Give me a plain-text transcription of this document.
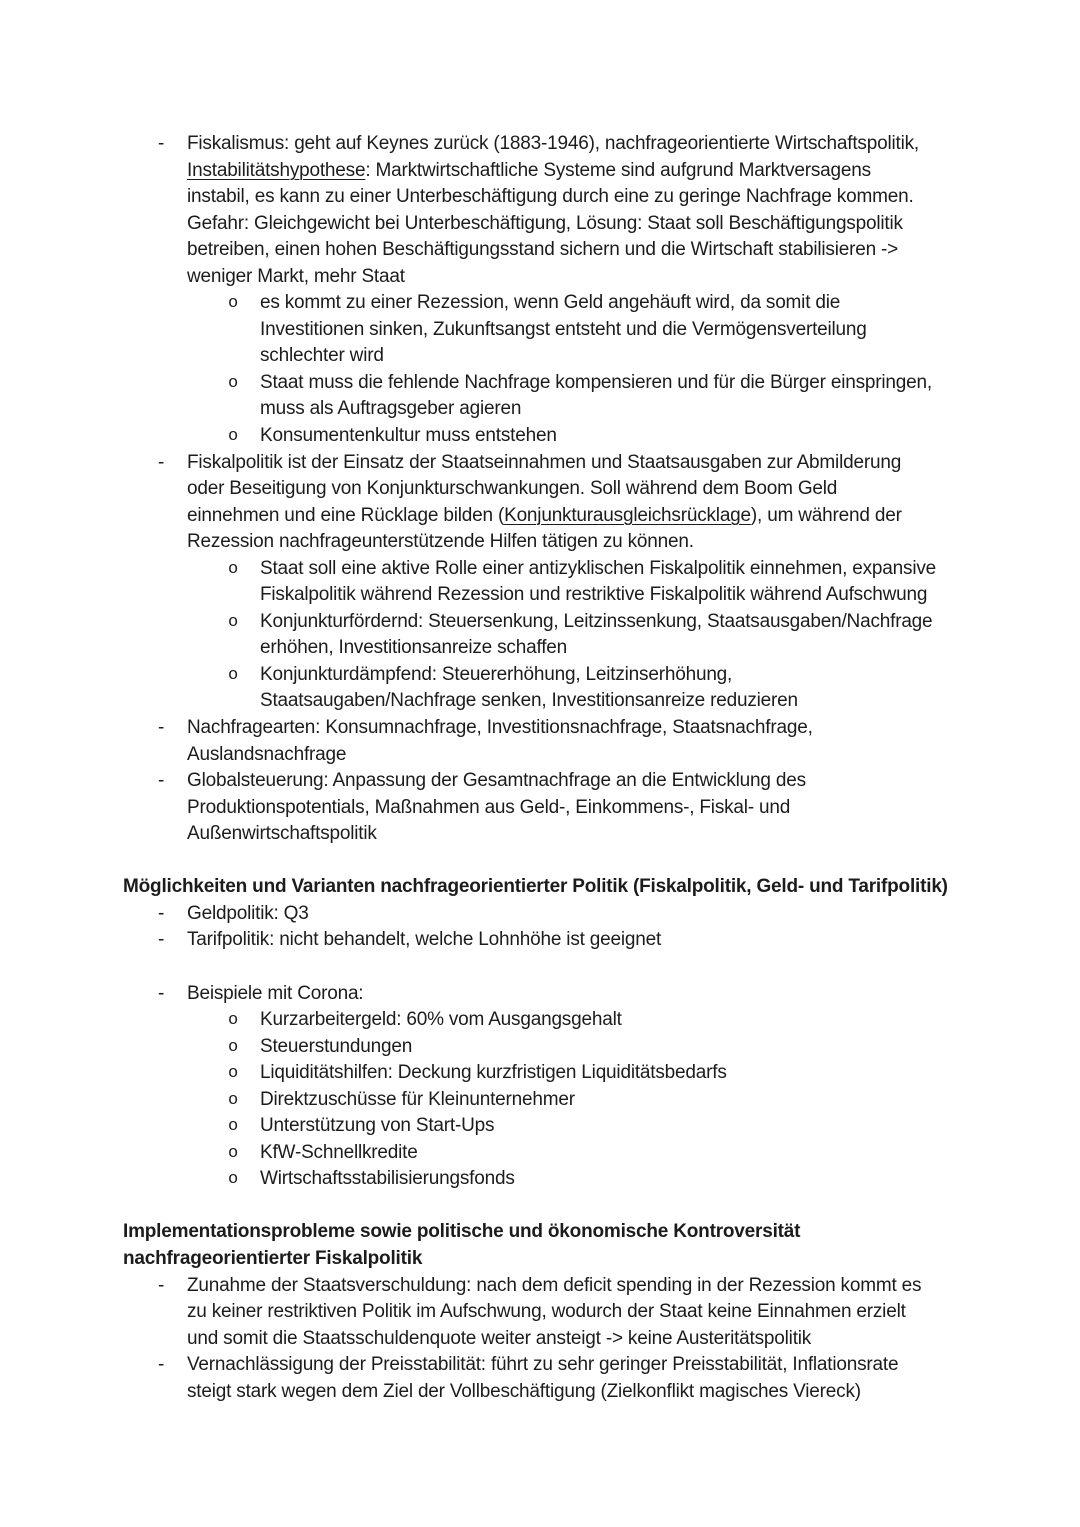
- Fiskalismus: geht auf Keynes zurück (1883-1946), nachfrageorientierte Wirtschaftspolitik,
Instabilitätshypothese: Marktwirtschaftliche Systeme sind aufgrund Marktversagens
instabil, es kann zu einer Unterbeschäftigung durch eine zu geringe Nachfrage kommen.
Gefahr: Gleichgewicht bei Unterbeschäftigung, Lösung: Staat soll Beschäftigungspolitik
betreiben, einen hohen Beschäftigungsstand sichern und die Wirtschaft stabilisieren ->
weniger Markt, mehr Staat
o es kommt zu einer Rezession, wenn Geld angehäuft wird, da somit die
Investitionen sinken, Zukunftsangst entsteht und die Vermögensverteilung
schlechter wird
o Staat muss die fehlende Nachfrage kompensieren und für die Bürger einspringen,
muss als Auftragsgeber agieren
o Konsumentenkultur muss entstehen
- Fiskalpolitik ist der Einsatz der Staatseinnahmen und Staatsausgaben zur Abmilderung
oder Beseitigung von Konjunkturschwankungen. Soll während dem Boom Geld
einnehmen und eine Rücklage bilden (Konjunkturausgleichsrücklage), um während der
Rezession nachfrageunterstützende Hilfen tätigen zu können.
o Staat soll eine aktive Rolle einer antizyklischen Fiskalpolitik einnehmen, expansive
Fiskalpolitik während Rezession und restriktive Fiskalpolitik während Aufschwung
o Konjunkturfördernd: Steuersenkung, Leitzinssenkung, Staatsausgaben/Nachfrage
erhöhen, Investitionsanreize schaffen
o Konjunkturdämpfend: Steuererhöhung, Leitzinserhöhung,
Staatsaugaben/Nachfrage senken, Investitionsanreize reduzieren
- Nachfragearten: Konsumnachfrage, Investitionsnachfrage, Staatsnachfrage,
Auslandsnachfrage
- Globalsteuerung: Anpassung der Gesamtnachfrage an die Entwicklung des
Produktionspotentials, Maßnahmen aus Geld-, Einkommens-, Fiskal- und
Außenwirtschaftspolitik
Möglichkeiten und Varianten nachfrageorientierter Politik (Fiskalpolitik, Geld- und Tarifpolitik)
- Geldpolitik: Q3
- Tarifpolitik: nicht behandelt, welche Lohnhöhe ist geeignet
- Beispiele mit Corona:
o Kurzarbeitergeld: 60% vom Ausgangsgehalt
o Steuerstundungen
o Liquiditätshilfen: Deckung kurzfristigen Liquiditätsbedarfs
o Direktzuschüsse für Kleinunternehmer
o Unterstützung von Start-Ups
o KfW-Schnellkredite
o Wirtschaftsstabilisierungsfonds
Implementationsprobleme sowie politische und ökonomische Kontroversität
nachfrageorientierter Fiskalpolitik
- Zunahme der Staatsverschuldung: nach dem deficit spending in der Rezession kommt es
zu keiner restriktiven Politik im Aufschwung, wodurch der Staat keine Einnahmen erzielt
und somit die Staatsschuldenquote weiter ansteigt -> keine Austeritätspolitik
- Vernachlässigung der Preisstabilität: führt zu sehr geringer Preisstabilität, Inflationsrate
steigt stark wegen dem Ziel der Vollbeschäftigung (Zielkonflikt magisches Viereck)
